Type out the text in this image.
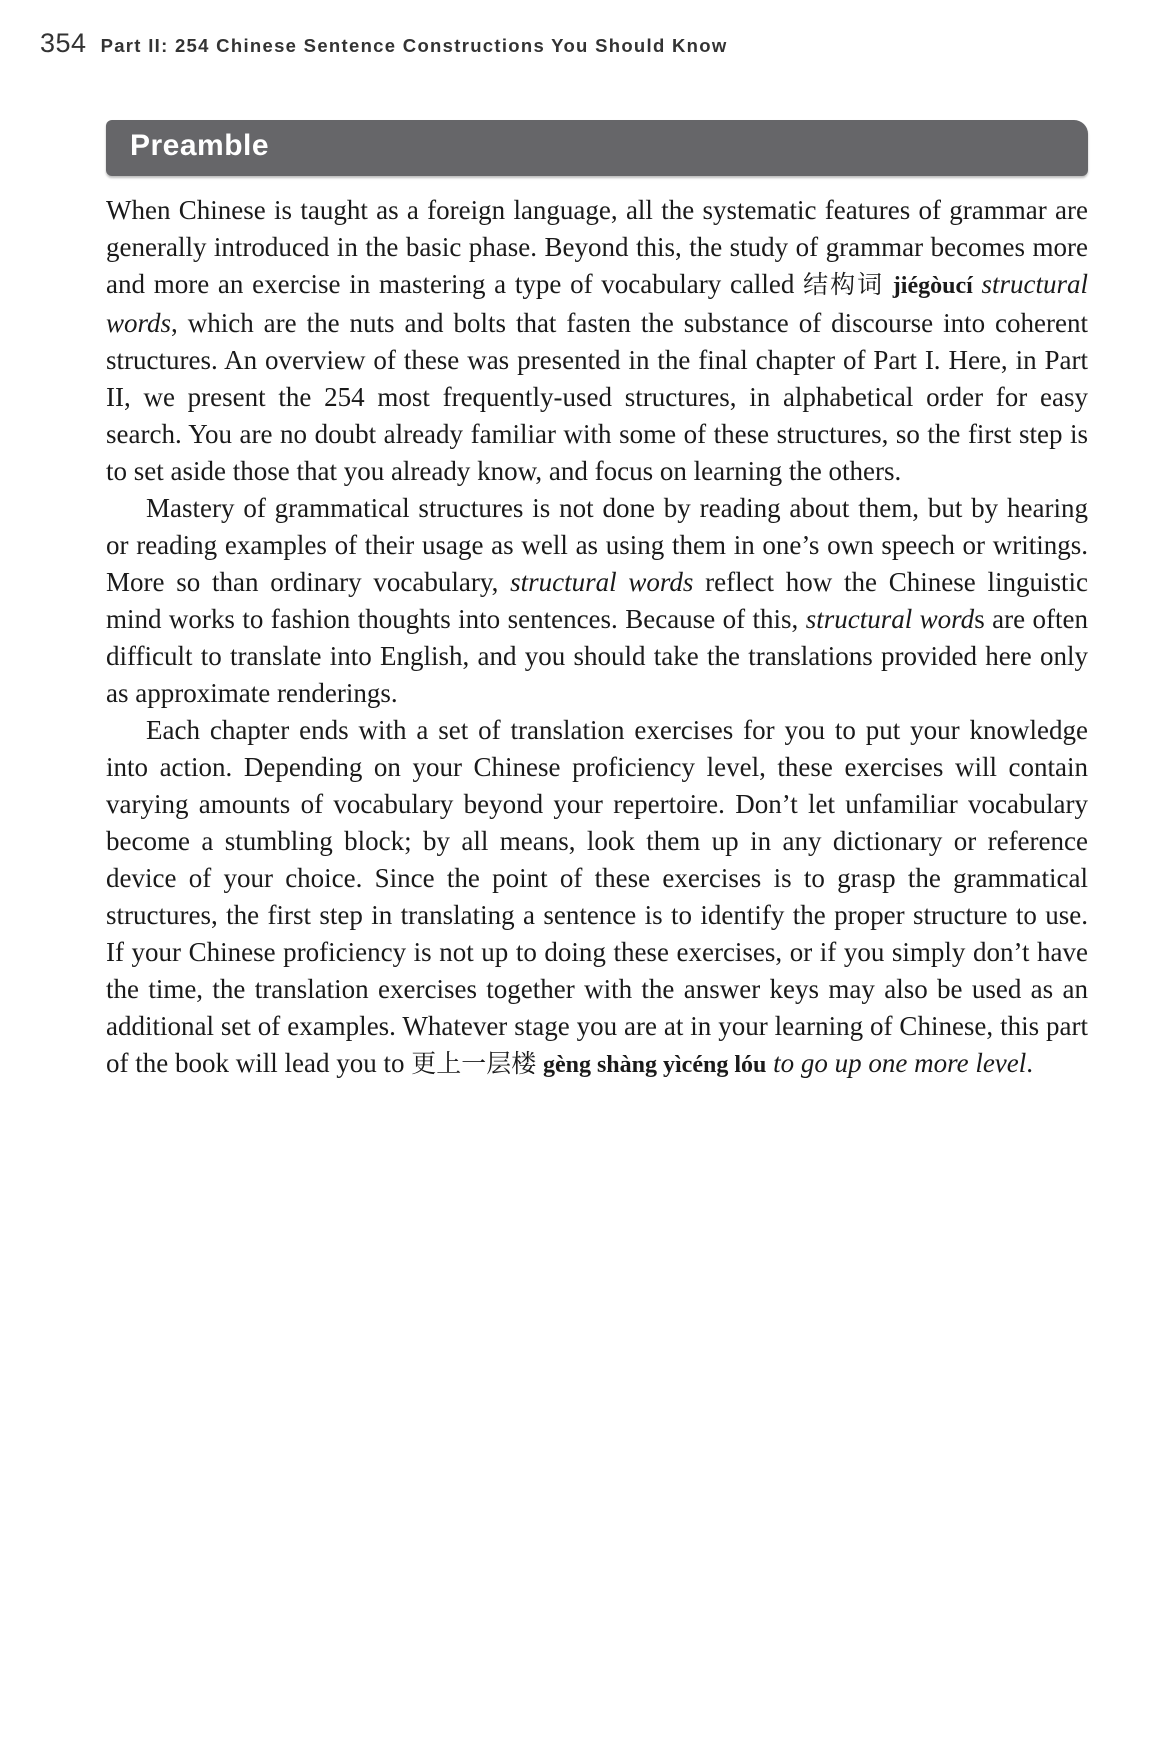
354 Part II: 254 Chinese Sentence Constructions You Should Know
Preamble

When Chinese is taught as a foreign language, all the systematic features of grammar are generally introduced in the basic phase. Beyond this, the study of grammar becomes more and more an exercise in mastering a type of vocabulary called 结构词 jiégòucí structural words, which are the nuts and bolts that fasten the substance of discourse into coherent structures. An overview of these was presented in the final chapter of Part I. Here, in Part II, we present the 254 most frequently-used structures, in alphabetical order for easy search. You are no doubt already familiar with some of these structures, so the first step is to set aside those that you already know, and focus on learning the others.

Mastery of grammatical structures is not done by reading about them, but by hearing or reading examples of their usage as well as using them in one’s own speech or writings. More so than ordinary vocabulary, structural words reflect how the Chinese linguistic mind works to fashion thoughts into sentences. Because of this, structural words are often difficult to translate into English, and you should take the translations provided here only as approximate renderings.

Each chapter ends with a set of translation exercises for you to put your knowledge into action. Depending on your Chinese proficiency level, these exercises will contain varying amounts of vocabulary beyond your repertoire. Don’t let unfamiliar vocabulary become a stumbling block; by all means, look them up in any dictionary or reference device of your choice. Since the point of these exercises is to grasp the grammatical structures, the first step in translating a sentence is to identify the proper structure to use. If your Chinese proficiency is not up to doing these exercises, or if you simply don’t have the time, the translation exercises together with the answer keys may also be used as an additional set of examples. Whatever stage you are at in your learning of Chinese, this part of the book will lead you to 更上一层楼 gèng shàng yìcéng lóu to go up one more level.
